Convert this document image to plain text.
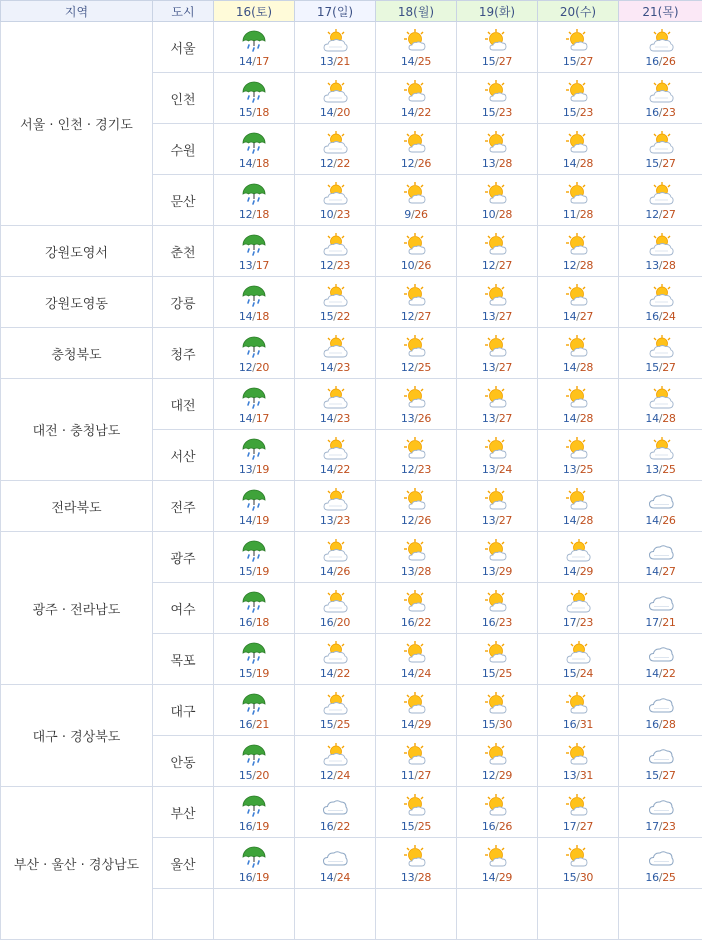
지역	도시	16(토)	17(일)	18(월)	19(화)	20(수)	21(목)
서울 · 인천 · 경기도	서울	14/17	13/21	14/25	15/27	15/27	16/26

	인천	15/18	14/20	14/22	15/23	15/23	16/23

	수원	14/18	12/22	12/26	13/28	14/28	15/27

	문산	12/18	10/23	9/26	10/28	11/28	12/27

강원도영서	춘천	13/17	12/23	10/26	12/27	12/28	13/28

강원도영동	강릉	14/18	15/22	12/27	13/27	14/27	16/24

충청북도	청주	12/20	14/23	12/25	13/27	14/28	15/27

대전 · 충청남도	대전	14/17	14/23	13/26	13/27	14/28	14/28

	서산	13/19	14/22	12/23	13/24	13/25	13/25

전라북도	전주	14/19	13/23	12/26	13/27	14/28	14/26

광주 · 전라남도	광주	15/19	14/26	13/28	13/29	14/29	14/27

	여수	16/18	16/20	16/22	16/23	17/23	17/21

	목포	15/19	14/22	14/24	15/25	15/24	14/22

대구 · 경상북도	대구	16/21	15/25	14/29	15/30	16/31	16/28

	안동	15/20	12/24	11/27	12/29	13/31	15/27

부산 · 울산 · 경상남도	부산	16/19	16/22	15/25	16/26	17/27	17/23

	울산	16/19	14/24	13/28	14/29	15/30	16/25
